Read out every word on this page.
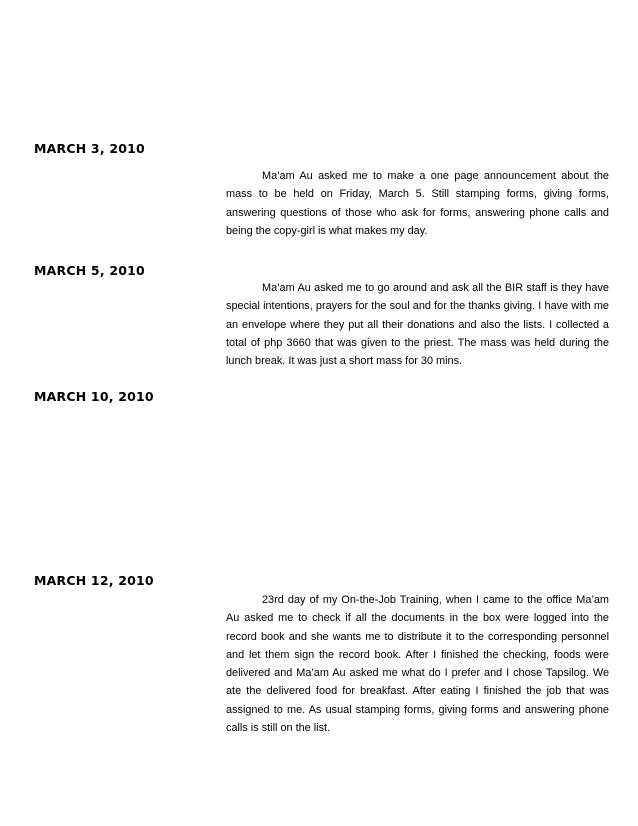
MARCH 3, 2010

Ma’am Au asked me to make a one page announcement about the mass to be held on Friday, March 5. Still stamping forms, giving forms, answering questions of those who ask for forms, answering phone calls and being the copy-girl is what makes my day.

MARCH 5, 2010

Ma’am Au asked me to go around and ask all the BIR staff is they have special intentions, prayers for the soul and for the thanks giving. I have with me an envelope where they put all their donations and also the lists. I collected a total of php 3660 that was given to the priest. The mass was held during the lunch break. It was just a short mass for 30 mins.

MARCH 10, 2010
MARCH 12, 2010

23rd day of my On-the-Job Training, when I came to the office Ma’am Au asked me to check if all the documents in the box were logged into the record book and she wants me to distribute it to the corresponding personnel and let them sign the record book. After I finished the checking, foods were delivered and Ma’am Au asked me what do I prefer and I chose Tapsilog. We ate the delivered food for breakfast. After eating I finished the job that was assigned to me. As usual stamping forms, giving forms and answering phone calls is still on the list.
